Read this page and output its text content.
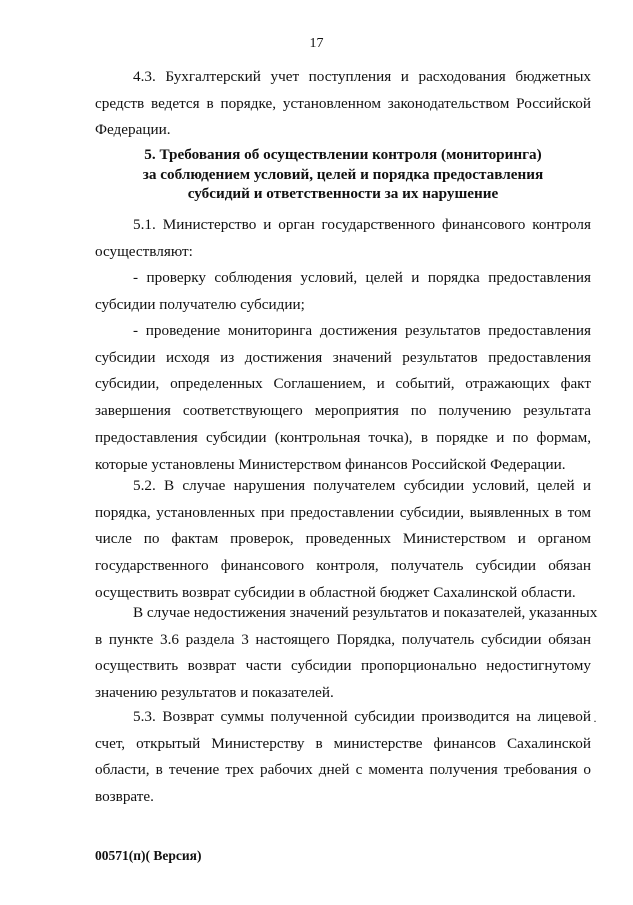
17
4.3. Бухгалтерский учет поступления и расходования бюджетных
средств ведется в порядке, установленном законодательством Российской
Федерации.
5. Требования об осуществлении контроля (мониторинга)
за соблюдением условий, целей и порядка предоставления
субсидий и ответственности за их нарушение
5.1. Министерство и орган государственного финансового контроля
осуществляют:
- проверку соблюдения условий, целей и порядка предоставления
субсидии получателю субсидии;
- проведение мониторинга достижения результатов предоставления
субсидии исходя из достижения значений результатов предоставления
субсидии, определенных Соглашением, и событий, отражающих факт
завершения соответствующего мероприятия по получению результата
предоставления субсидии (контрольная точка), в порядке и по формам,
которые установлены Министерством финансов Российской Федерации.
5.2. В случае нарушения получателем субсидии условий, целей и
порядка, установленных при предоставлении субсидии, выявленных в том
числе по фактам проверок, проведенных Министерством и органом
государственного финансового контроля, получатель субсидии обязан
осуществить возврат субсидии в областной бюджет Сахалинской области.
В случае недостижения значений результатов и показателей, указанных
в пункте 3.6 раздела 3 настоящего Порядка, получатель субсидии обязан
осуществить возврат части субсидии пропорционально недостигнутому
значению результатов и показателей.
5.3. Возврат суммы полученной субсидии производится на лицевой
счет, открытый Министерству в министерстве финансов Сахалинской
области, в течение трех рабочих дней с момента получения требования о
возврате.
·
00571(п)( Версия)
